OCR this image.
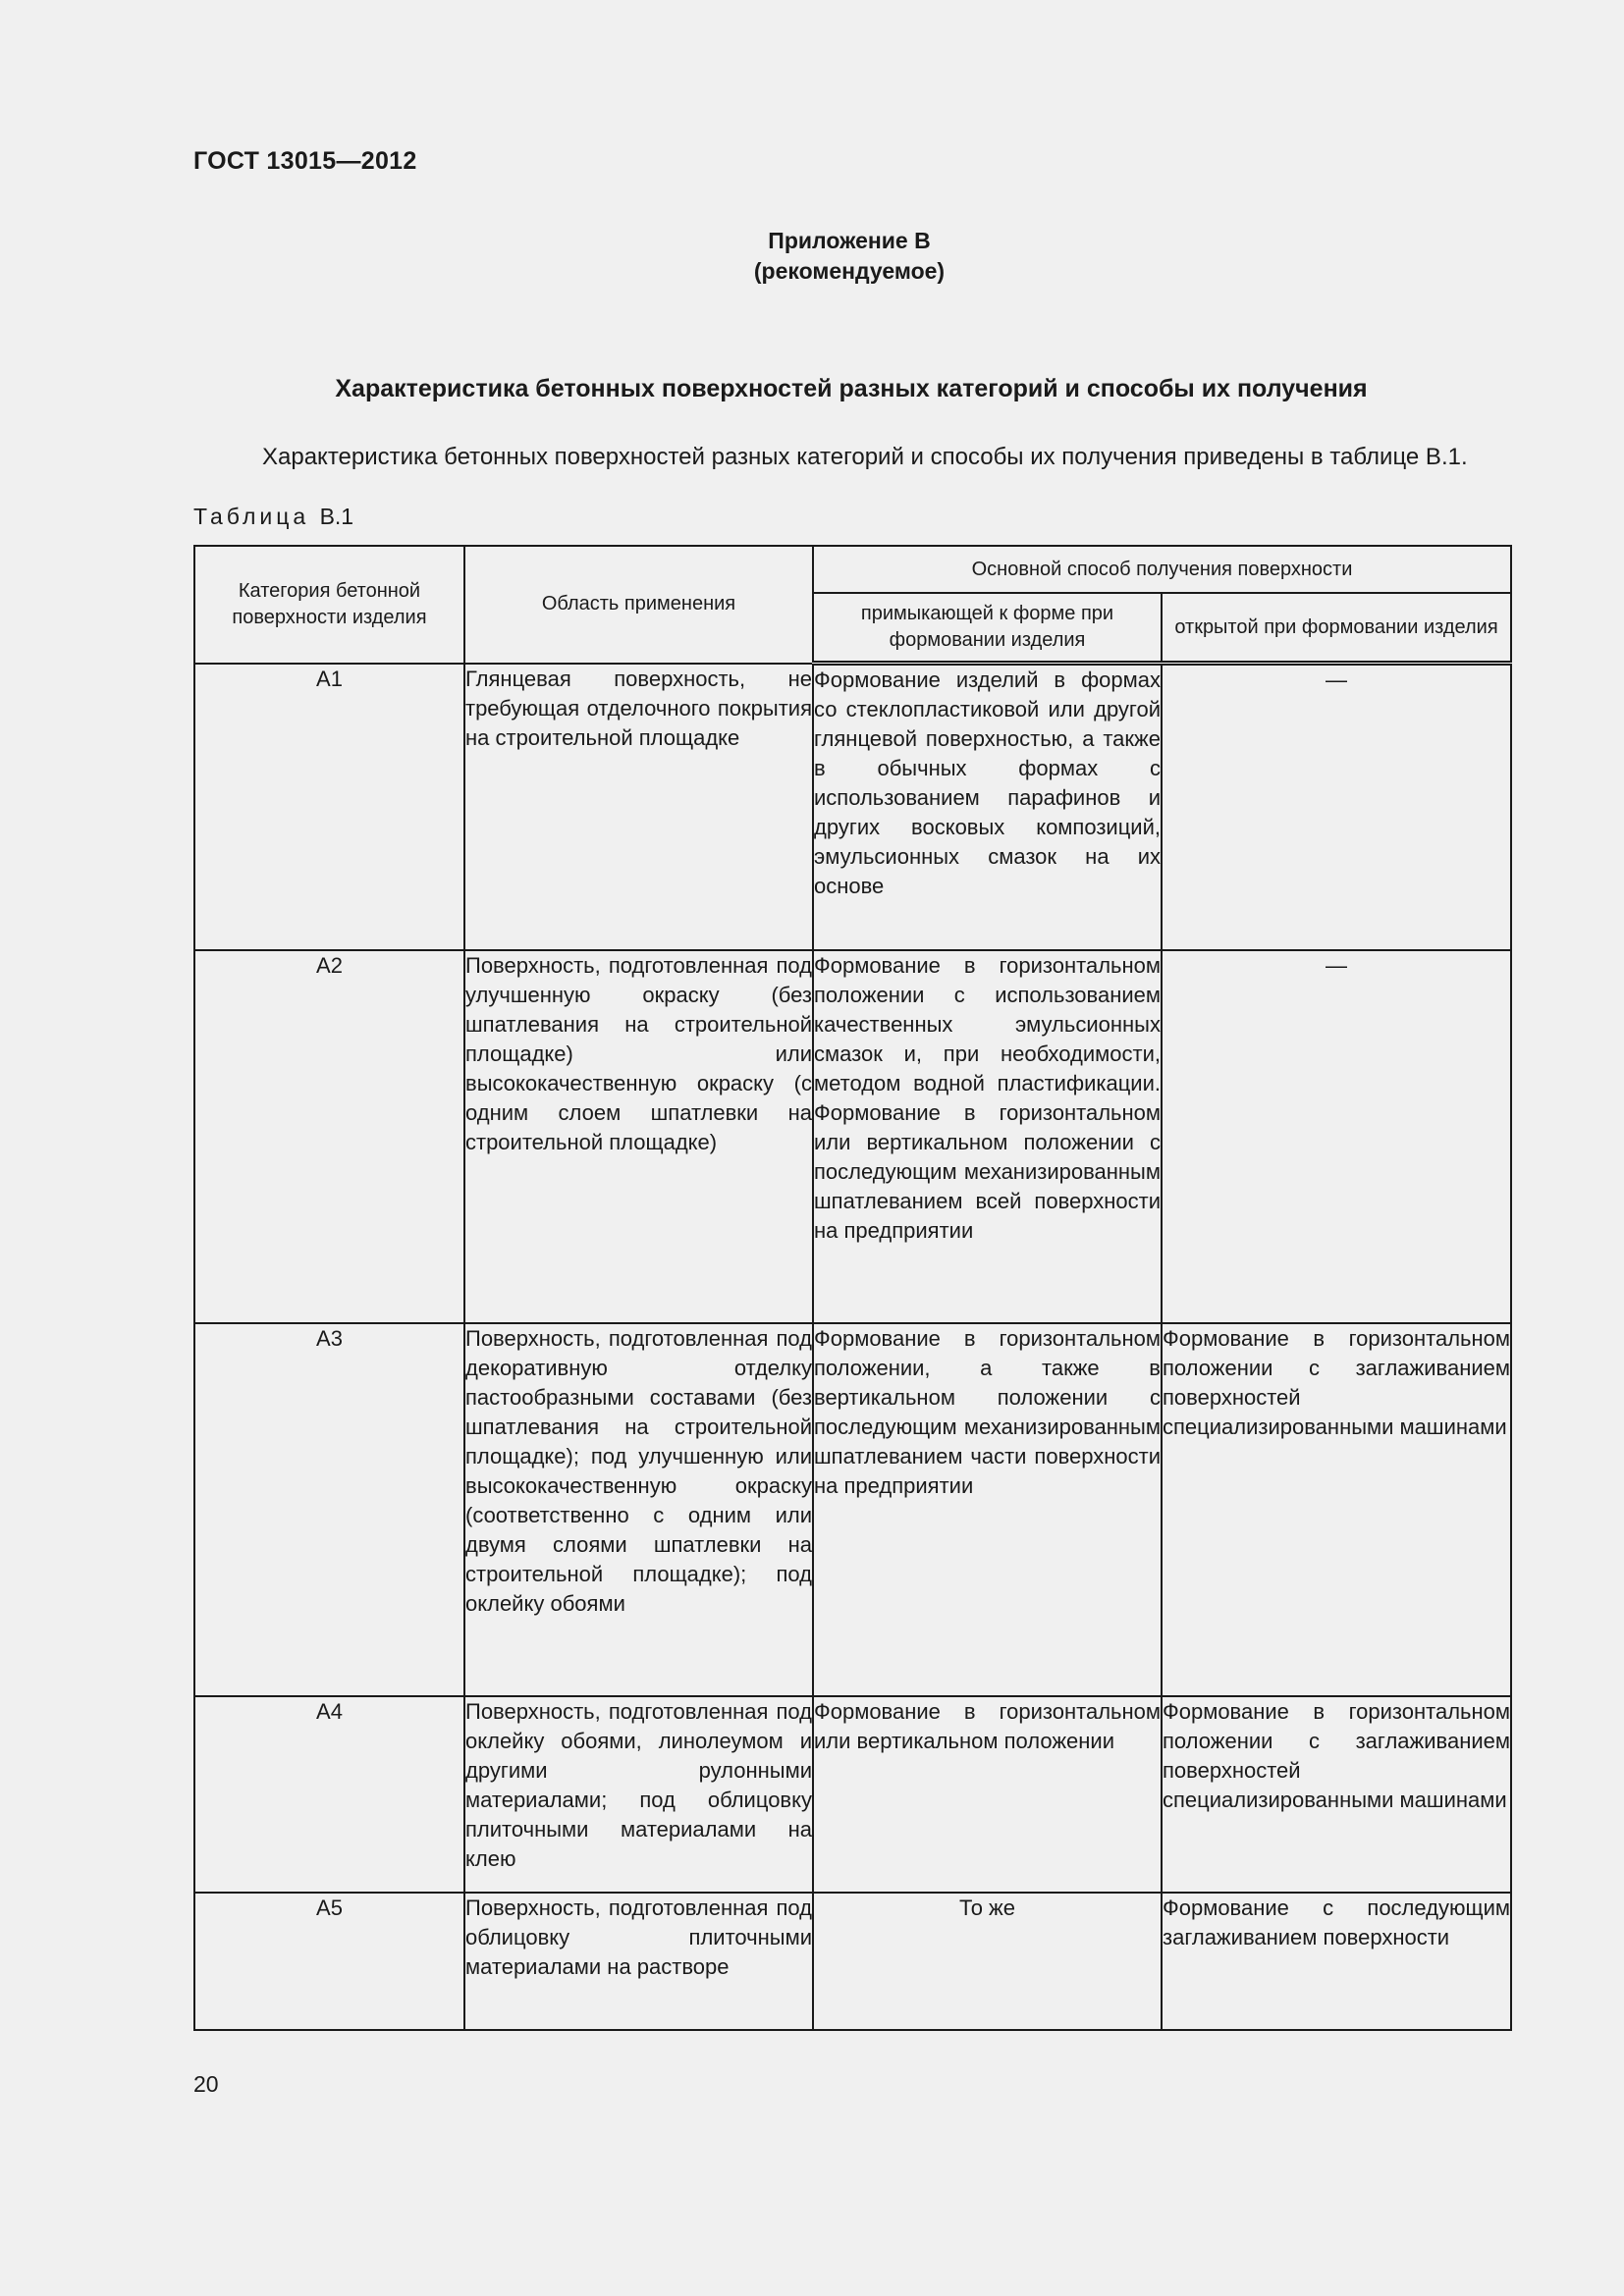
ГОСТ 13015—2012
Приложение В
(рекомендуемое)
Характеристика бетонных поверхностей разных категорий и способы их получения
Характеристика бетонных поверхностей разных категорий и способы их получения приведены в таблице В.1.
Таблица В.1
Категория бетонной поверхности изделия	Область применения	Основной способ получения поверхности	
		примыкающей к форме при формовании изделия	открытой при формовании изделия
А1	Глянцевая поверхность, не требующая отделочного покрытия на строительной площадке	Формование изделий в формах со стеклопластиковой или другой глянцевой поверхностью, а также в обычных формах с использованием парафинов и других восковых композиций, эмульсионных смазок на их основе	—
А2	Поверхность, подготовленная под улучшенную окраску (без шпатлевания на строительной площадке) или высококачественную окраску (с одним слоем шпатлевки на строительной площадке)	Формование в горизонтальном положении с использованием качественных эмульсионных смазок и, при необходимости, методом водной пластификации. Формование в горизонтальном или вертикальном положении с последующим механизированным шпатлеванием всей поверхности на предприятии	—
А3	Поверхность, подготовленная под декоративную отделку пастообразными составами (без шпатлевания на строительной площадке); под улучшенную или высококачественную окраску (соответственно с одним или двумя слоями шпатлевки на строительной площадке); под оклейку обоями	Формование в горизонтальном положении, а также в вертикальном положении с последующим механизированным шпатлеванием части поверхности на предприятии	Формование в горизонтальном положении с заглаживанием поверхностей специализированными машинами
А4	Поверхность, подготовленная под оклейку обоями, линолеумом и другими рулонными материалами; под облицовку плиточными материалами на клею	Формование в горизонтальном или вертикальном положении	Формование в горизонтальном положении с заглаживанием поверхностей специализированными машинами
А5	Поверхность, подготовленная под облицовку плиточными материалами на растворе	То же	Формование с последующим заглаживанием поверхности
20
